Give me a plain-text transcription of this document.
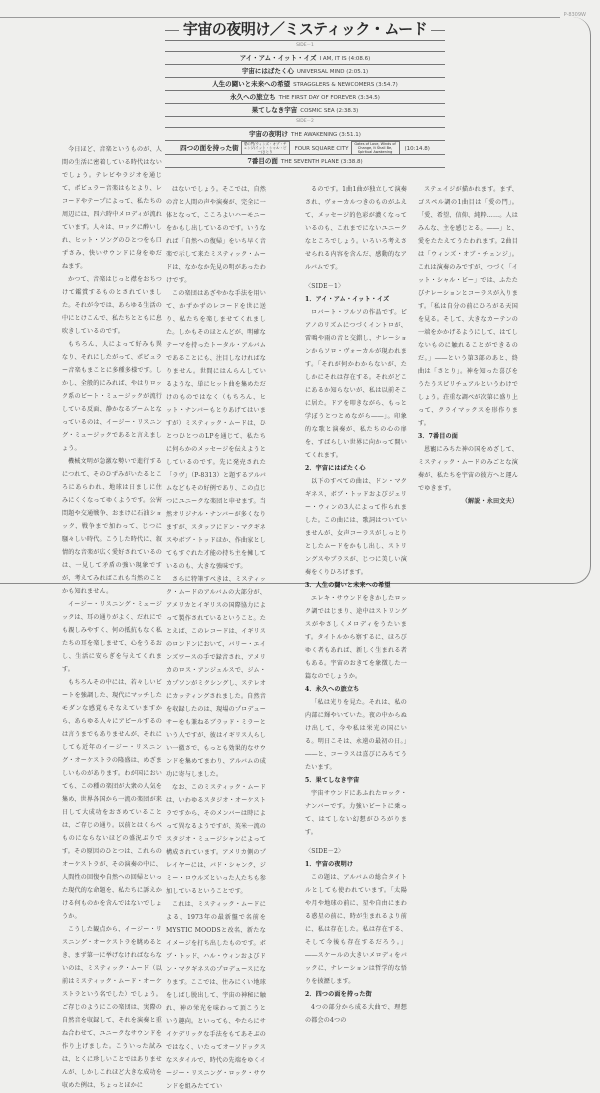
P-8309W
宇宙の夜明け／ミスティック・ムード
SIDE－1
アイ・アム・イット・イズ I AM, IT IS (4:08.6)
宇宙にはばたく心 UNIVERSAL MIND (2:05.1)
人生の闘いと未来への希望 STRAGGLERS & NEWCOMERS (3:54.7)
永久への旅立ち THE FIRST DAY OF FOREVER (3:34.5)
果てしなき宇宙 COSMIC SEA (2:38.3)
SIDE－2
宇宙の夜明け THE AWAKENING (3:51.1)
四つの面を持った街 愛の門/ウィンズ・オブ・チェンジ/イット・シャル・ビー/さとり	FOUR SQUARE CITYGates of Love, Winds of Change, It Shall Be, Spiritual Awakening (10:14.8)
7番目の面 THE SEVENTH PLANE (3:38.8)

今日ほど、音楽というものが、人間の生活に密着している時代はないでしょう。テレビやラジオを通じて、ポピュラー音楽はもとより、レコードやテープによって、私たちの周辺には、四六時中メロディが流れています。人々は、ロックに酔いしれ、ヒット・ソングのひとつをも口ずさみ、快いサウンドに身をゆだねます。

かつて、音楽はじっと襟をおちつけて鑑賞するものとされていました。それが今では、あらゆる生活の中にとけこんで、私たちとともに息吹きしているのです。

もちろん、人によって好みも異なり、それにしたがって、ポピュラー音楽もまことに多種多様です。しかし、全般的にみれば、やはりロック系のビート・ミュージックが流行している反面、静かなるブームとなっているのは、イージー・リスニング・ミュージックであると言えましょう。

機械文明が急激な勢いで進行するにつれて、そのひずみがいたるところにあらわれ、地球は日ましに住みにくくなってゆくようです。公害問題や交通戦争、おまけに石油ショック、戦争まで加わって、じつに騒々しい時代。こうした時代に、叙情的な音楽が広く愛好されているのは、一見して矛盾の強い現象ですが、考えてみればこれも当然のことかも知れません。

イージー・リスニング・ミュージックは、耳の通りがよく、だれにでも親しみやすく、何の抵抗もなく私たちの耳を楽しませて、心をうるおし、生活に安らぎを与えてくれます。

もちろんその中には、若々しいビートを強調した、現代にマッチしたモダンな感覚もそなえていますから、あらゆる人々にアピールするのは言うまでもありませんが、それにしても近年のイージー・リスニング・オーケストラの隆盛は、めざましいものがあります。わが国においても、この種の楽団が大衆の人気を集め、世界各国から一流の楽団が来日して大成功をおさめていることは、ご存じの通り。以前とはくらべものにならないほどの盛況ぶりです。その原因のひとつは、これらのオーケストラが、その演奏の中に、人間性の回復や自然への回帰といった現代的な命題を、私たちに訴えかける何ものかを含んではないでしょうか。

こうした観点から、イージー・リスニング・オーケストラを眺めるとき、まず第一に挙げなければならないのは、ミスティック・ムード（以前はミスティック・ムード・オーケストラという名でした）でしょう。ご存じのようにこの楽団は、実際の自然音を収録して、それを演奏と重ね合わせて、ユニークなサウンドを作り上げました。こういった試みは、とくに珍しいことではありませんが、しかしこれほど大きな成功を収めた例は、ちょっとほかに

はないでしょう。そこでは、自然の音と人間の声や演奏が、完全に一体となって、こころよいハーモニーをかもし出しているのです。いうなれば「自然への復帰」をいち早く音楽で示して来たミスティック・ムードは、なかなか先見の明があったわけです。

この楽団はあざやかな手法を用いて、かずかずのレコードを世に送り、私たちを楽しませてくれました。しかもそのほとんどが、明確なテーマを持ったトータル・アルバムであることにも、注目しなければなりません。世間にはんらんしているような、単にヒット曲を集めただけのものではなく（もちろん、ヒット・ナンバーもとりあげてはいますが）ミスティック・ムードは、ひとつひとつのLPを通じて、私たちに何らかのメッセージを伝えようとしているのです。先に発売された「ラヴ」（P-8313）と題するアルバムなどもその好例であり、この点じつにユニークな楽団と申せます。当然オリジナル・ナンバーが多くなりますが、スタッフにドン・マクギネスやボブ・トッドほか、作曲家としてもすぐれた才能の持ち主を擁しているのも、大きな強味です。

さらに特筆すべきは、ミスティック・ムードのアルバムの大部分が、アメリカとイギリスの国際協力によって製作されているということ。たとえば、このレコードは、イギリスのロンドンにおいて、バリー・エインズワースの手で録音され、アメリカのロス・アンジェルスで、ジム・カプソンがミクシングし、ステレオにカッティングされました。自然音を収録したのは、現場のプロデューサーをも兼ねるブラッド・ミラーという人ですが、彼はイギリス人らしい一徹さで、もっとも効果的なサウンドを集めてまわり、アルバムの成功に寄与しました。

なお、このミスティック・ムードは、いわゆるスタジオ・オーケストラですから、そのメンバーは時によって異なるようですが、英米一流のスタジオ・ミュージシャンによって構成されています。アメリカ側のプレイヤーには、バド・シャンク、ジミー・ロウルズといった人たちも参加しているということです。

これは、ミスティック・ムードによる、1973年の最新盤で名前をMYSTIC MOODSと改名、新たなイメージを打ち出したものです。ボブ・トッド、ハル・ウィンおよびドン・マクギネスのプロデュースになります。ここでは、住みにくい地球をしばし脱出して、宇宙の神秘に触れ、神の栄光を味わって頂こうという趣向。といっても、やたらにサイケデリックな手法をもてあそぶのではなく、いたってオーソドックスなスタイルで、時代の先端をゆくイージー・リスニング・ロック・サウンドを組みたててい

るのです。1曲1曲が独立して演奏され、ヴォーカルつきのものがふえて、メッセージ的色彩が濃くなっているのも、これまでにないユニークなところでしょう。いろいろ考えさせられる内容を含んだ、感動的なアルバムです。

〈SIDE－1〉

1．アイ・アム・イット・イズ

ロバート・フルソの作品です。ピアノのリズムにつづくイントロが、雷鳴や雨の音と交錯し、ナレーションからソロ・ヴォーカルが現われます。「それが何かわからないが、たしかにそれは存在する。それがどこにあるか知らないが、私は以前そこに居た。ドアを叩きながら、もっと学ぼうとつとめながら――」。印象的な歌と演奏が、私たちの心の扉を、すばらしい世界に向かって開いてくれます。

2．宇宙にはばたく心

以下のすべての曲は、ドン・マクギネス、ボブ・トッドおよびジェリー・ウィンの3人によって作られました。この曲には、歌詞はついていませんが、女声コーラスがしっとりとしたムードをかもし出し、ストリングスやブラスが、じつに美しい演奏をくりひろげます。

3．人生の闘いと未来への希望

エレキ・サウンドをきかしたロック調ではじまり、途中はストリングスがやさしくメロディをうたいます。タイトルから察するに、ほろびゆく者もあれば、新しく生まれる者もある。宇宙のおきてを象徴した一篇なのでしょうか。

4．永久への旅立ち

「私は光りを見た。それは、私の内部に輝やいていた。夜の中からぬけ出して、今や私は栄光の国にいる。明日こそは、永遠の最初の日。」――と、コーラスは喜びにみちてうたいます。

5．果てしなき宇宙

宇宙サウンドにあふれたロック・ナンバーです。力強いビートに乗って、はてしない幻想がひろがります。

〈SIDE－2〉

1．宇宙の夜明け

この題は、アルバムの総合タイトルとしても使われています。「太陽や月や地球の前に、星や自由にまわる惑星の前に、時が生まれるより前に、私は存在した。私は存在する、そして今後も存在するだろう。」――スケールの大きいメロディをバックに、ナレーションは哲学的な悟りを披瀝します。

2．四つの面を持った街

4つの部分から成る大曲で、理想の都会の4つの

ステェイジが描かれます。まず、ゴスペル調の1曲目は「愛の門」。「愛、希望、信仰、純粋……。人はみんな、主を感じとる。――」と、愛をたたえてうたわれます。2曲目は「ウィンズ・オブ・チェンジ」。これは演奏のみですが、つづく「イット・シャル・ビー」では、ふたたびナレーションとコーラスが入ります。「私は自分の前にひろがる天国を見る。そして、大きなカーテンの一端をかかげるようにして、はてしないものに触れることができるのだ。」――という第3部のあと、終曲は「さとり」。神を知った喜びをうたうスピリチュアルというわけでしょう。荘重な調べが次第に盛り上って、クライマックスを形作ります。

3．7番目の面

恩寵にみちた神の国をめざして、ミスティック・ムードのみごとな演奏が、私たちを宇宙の彼方へと運んでゆきます。

（解説・永田文夫）
